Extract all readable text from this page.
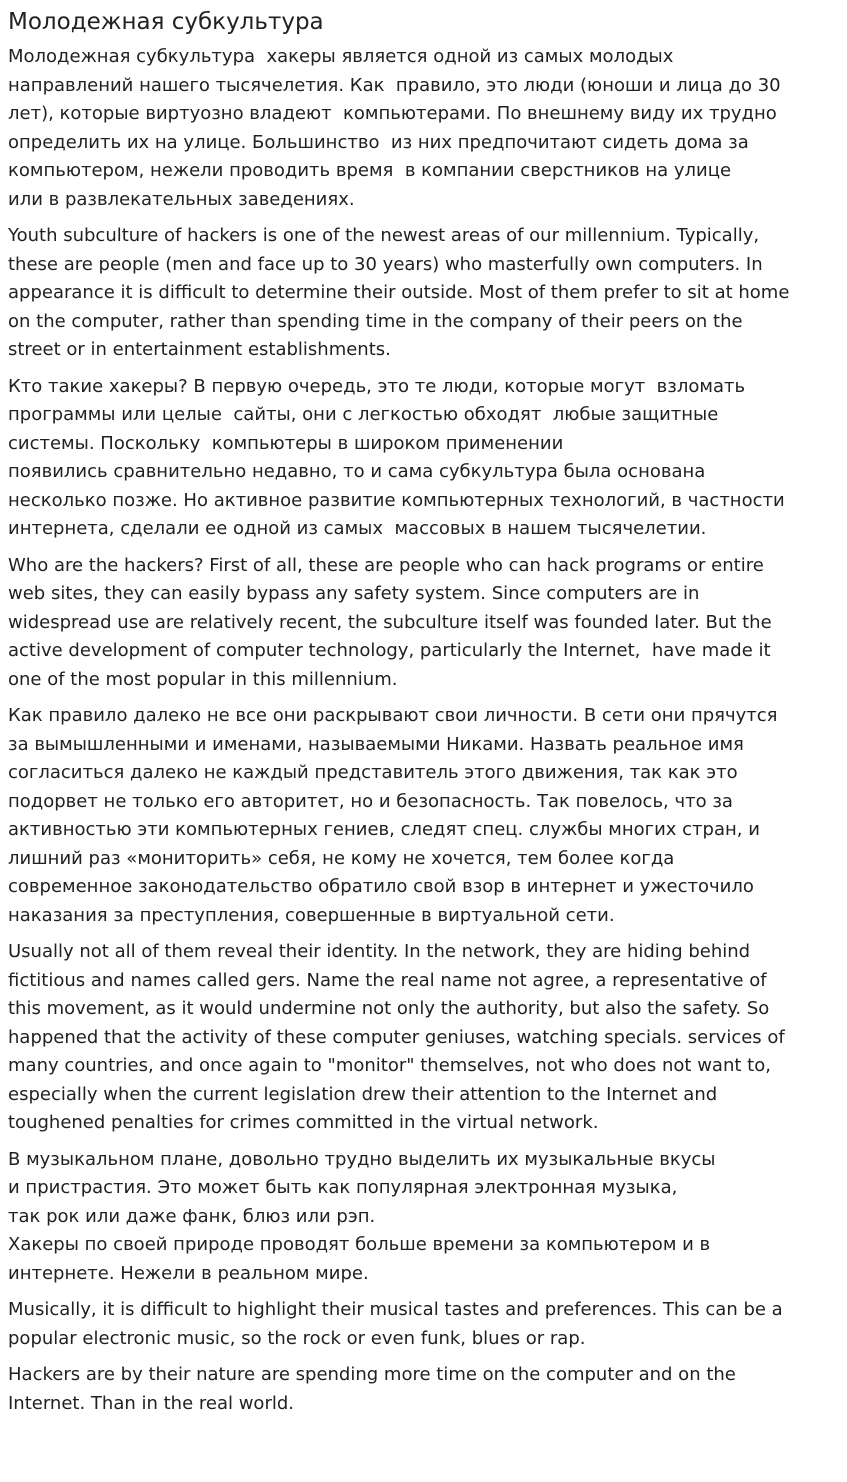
Молодежная субкультура

Молодежная субкультура  хакеры является одной из самых молодых
направлений нашего тысячелетия. Как  правило, это люди (юноши и лица до 30
лет), которые виртуозно владеют  компьютерами. По внешнему виду их трудно
определить их на улице. Большинство  из них предпочитают сидеть дома за
компьютером, нежели проводить время  в компании сверстников на улице
или в развлекательных заведениях.

Youth subculture of hackers is one of the newest areas of our millennium. Typically,
these are people (men and face up to 30 years) who masterfully own computers. In
appearance it is difficult to determine their outside. Most of them prefer to sit at home
on the computer, rather than spending time in the company of their peers on the
street or in entertainment establishments.

Кто такие хакеры? В первую очередь, это те люди, которые могут  взломать
программы или целые  сайты, они с легкостью обходят  любые защитные
системы. Поскольку  компьютеры в широком применении
появились сравнительно недавно, то и сама субкультура была основана
несколько позже. Но активное развитие компьютерных технологий, в частности
интернета, сделали ее одной из самых  массовых в нашем тысячелетии.

Who are the hackers? First of all, these are people who can hack programs or entire
web sites, they can easily bypass any safety system. Since computers are in
widespread use are relatively recent, the subculture itself was founded later. But the
active development of computer technology, particularly the Internet,  have made it
one of the most popular in this millennium.

Как правило далеко не все они раскрывают свои личности. В сети они прячутся
за вымышленными и именами, называемыми Никами. Назвать реальное имя
согласиться далеко не каждый представитель этого движения, так как это
подорвет не только его авторитет, но и безопасность. Так повелось, что за
активностью эти компьютерных гениев, следят спец. службы многих стран, и
лишний раз «мониторить» себя, не кому не хочется, тем более когда
современное законодательство обратило свой взор в интернет и ужесточило
наказания за преступления, совершенные в виртуальной сети.

Usually not all of them reveal their identity. In the network, they are hiding behind
fictitious and names called gers. Name the real name not agree, a representative of
this movement, as it would undermine not only the authority, but also the safety. So
happened that the activity of these computer geniuses, watching specials. services of
many countries, and once again to "monitor" themselves, not who does not want to,
especially when the current legislation drew their attention to the Internet and
toughened penalties for crimes committed in the virtual network.

В музыкальном плане, довольно трудно выделить их музыкальные вкусы
и пристрастия. Это может быть как популярная электронная музыка,
так рок или даже фанк, блюз или рэп.
Хакеры по своей природе проводят больше времени за компьютером и в
интернете. Нежели в реальном мире.

Musically, it is difficult to highlight their musical tastes and preferences. This can be a
popular electronic music, so the rock or even funk, blues or rap.

Hackers are by their nature are spending more time on the computer and on the
Internet. Than in the real world.
